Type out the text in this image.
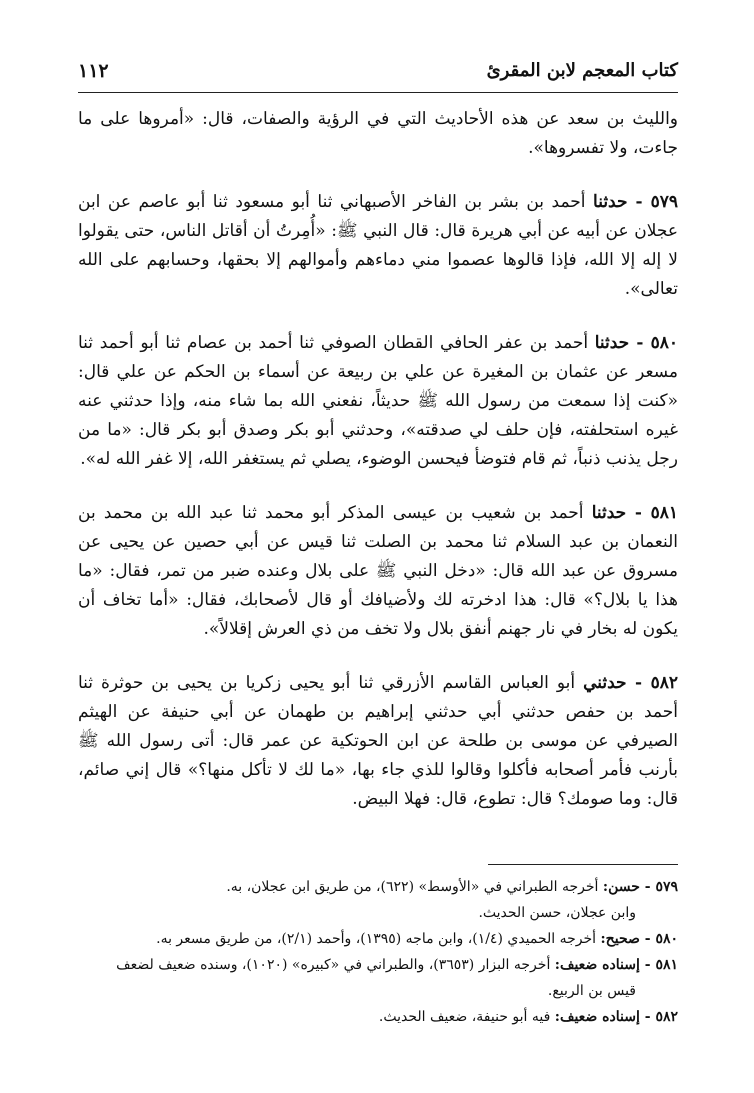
كتاب المعجم لابن المقرئ
١١٢

والليث بن سعد عن هذه الأحاديث التي في الرؤية والصفات، قال: «أمروها على ما جاءت، ولا تفسروها».

٥٧٩ - حدثنا أحمد بن بشر بن الفاخر الأصبهاني ثنا أبو مسعود ثنا أبو عاصم عن ابن عجلان عن أبيه عن أبي هريرة قال: قال النبي ﷺ: «أُمِرتُ أن أقاتل الناس، حتى يقولوا لا إله إلا الله، فإذا قالوها عصموا مني دماءهم وأموالهم إلا بحقها، وحسابهم على الله تعالى».

٥٨٠ - حدثنا أحمد بن عفر الحافي القطان الصوفي ثنا أحمد بن عصام ثنا أبو أحمد ثنا مسعر عن عثمان بن المغيرة عن علي بن ربيعة عن أسماء بن الحكم عن علي قال: «كنت إذا سمعت من رسول الله ﷺ حديثاً، نفعني الله بما شاء منه، وإذا حدثني عنه غيره استحلفته، فإن حلف لي صدقته»، وحدثني أبو بكر وصدق أبو بكر قال: «ما من رجل يذنب ذنباً، ثم قام فتوضأ فيحسن الوضوء، يصلي ثم يستغفر الله، إلا غفر الله له».

٥٨١ - حدثنا أحمد بن شعيب بن عيسى المذكر أبو محمد ثنا عبد الله بن محمد بن النعمان بن عبد السلام ثنا محمد بن الصلت ثنا قيس عن أبي حصين عن يحيى عن مسروق عن عبد الله قال: «دخل النبي ﷺ على بلال وعنده ضبر من تمر، فقال: «ما هذا يا بلال؟» قال: هذا ادخرته لك ولأضيافك أو قال لأصحابك، فقال: «أما تخاف أن يكون له بخار في نار جهنم أنفق بلال ولا تخف من ذي العرش إقلالاً».

٥٨٢ - حدثني أبو العباس القاسم الأزرقي ثنا أبو يحيى زكريا بن يحيى بن حوثرة ثنا أحمد بن حفص حدثني أبي حدثني إبراهيم بن طهمان عن أبي حنيفة عن الهيثم الصيرفي عن موسى بن طلحة عن ابن الحوتكية عن عمر قال: أتى رسول الله ﷺ بأرنب فأمر أصحابه فأكلوا وقالوا للذي جاء بها، «ما لك لا تأكل منها؟» قال إني صائم، قال: وما صومك؟ قال: تطوع، قال: فهلا البيض.

٥٧٩ - حسن: أخرجه الطبراني في «الأوسط» (٦٢٢)، من طريق ابن عجلان، به.

وابن عجلان، حسن الحديث.

٥٨٠ - صحيح: أخرجه الحميدي (١/٤)، وابن ماجه (١٣٩٥)، وأحمد (٢/١)، من طريق مسعر به.

٥٨١ - إسناده ضعيف: أخرجه البزار (٣٦٥٣)، والطبراني في «كبيره» (١٠٢٠)، وسنده ضعيف لضعف

قيس بن الربيع.

٥٨٢ - إسناده ضعيف: فيه أبو حنيفة، ضعيف الحديث.
